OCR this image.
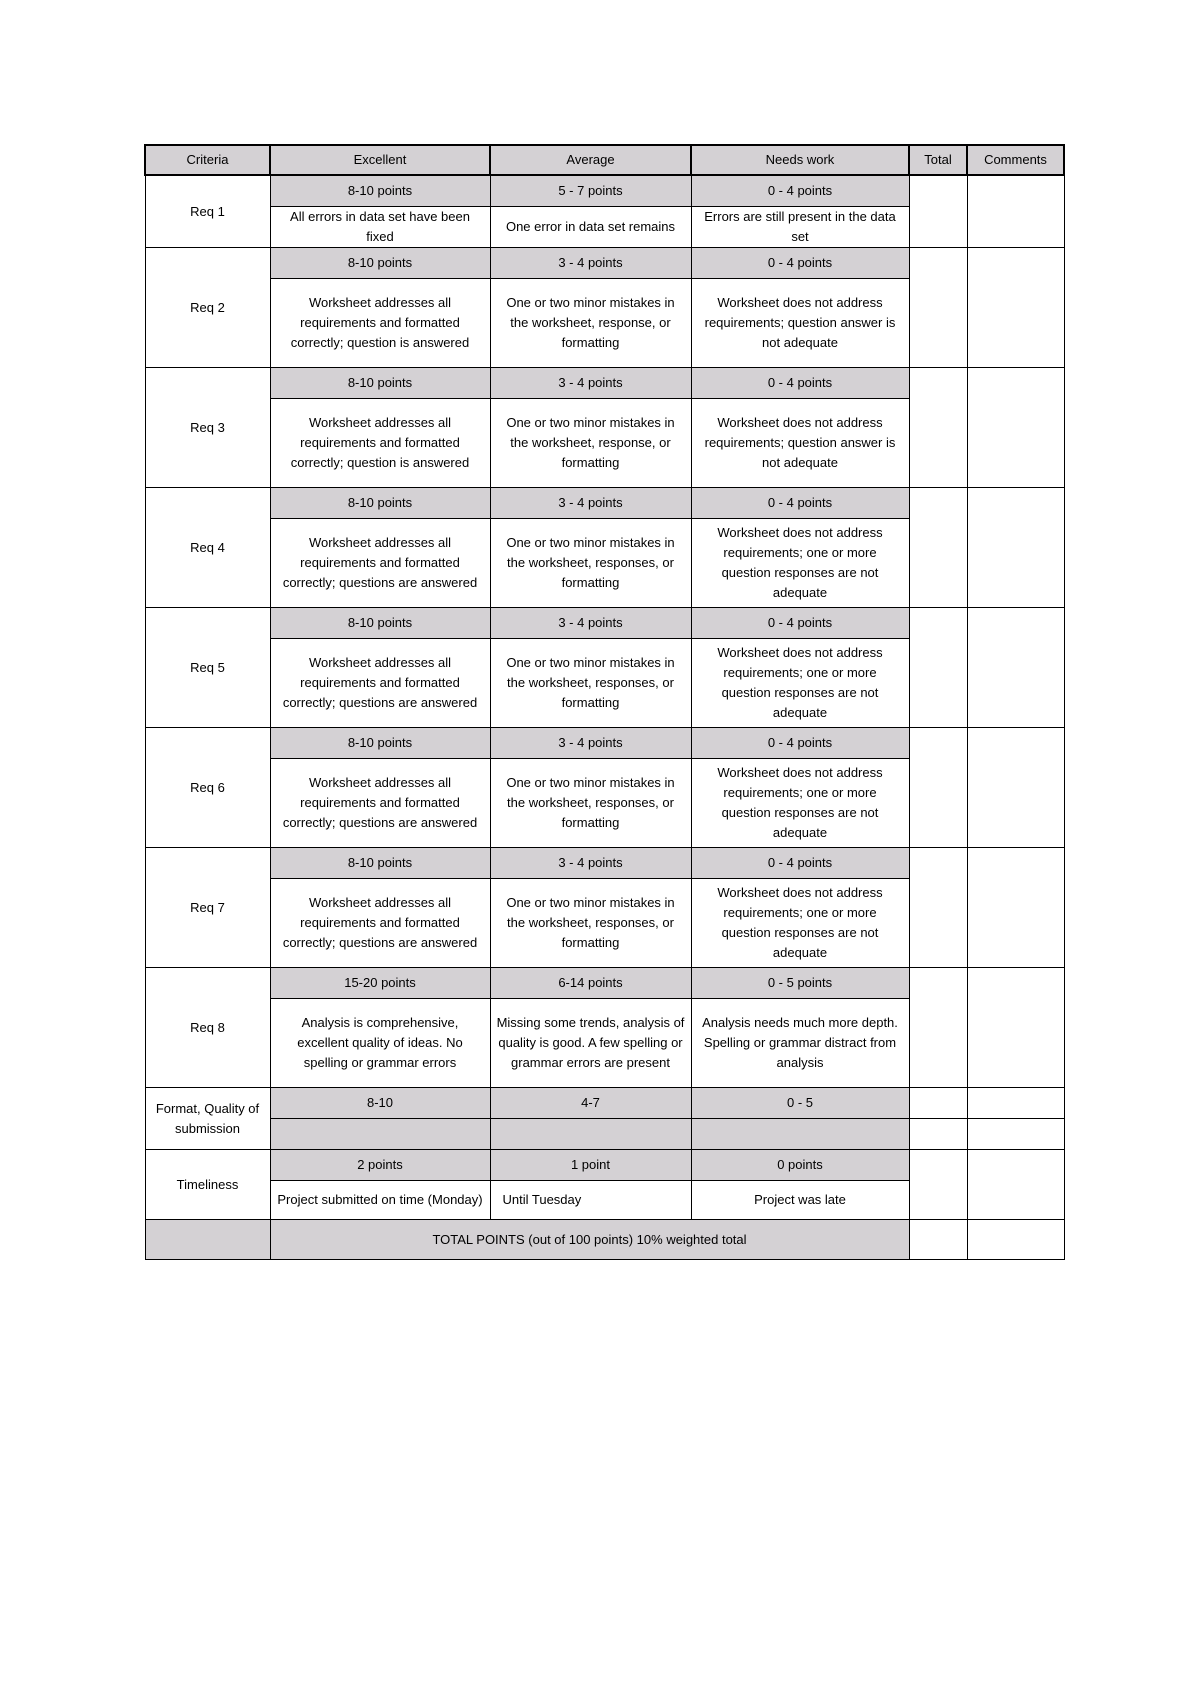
Criteria	Excellent	Average	Needs work	Total	Comments
Req 1	8-10 points	5 - 7 points	0 - 4 points		
	All errors in data set have been fixed	One error in data set remains	Errors are still present in the data set		
Req 2	8-10 points	3 - 4 points	0 - 4 points		
	Worksheet addresses all requirements and formatted correctly; question is answered	One or two minor mistakes in the worksheet, response, or formatting	Worksheet does not address requirements; question answer is not adequate		
Req 3	8-10 points	3 - 4 points	0 - 4 points		
	Worksheet addresses all requirements and formatted correctly; question is answered	One or two minor mistakes in the worksheet, response, or formatting	Worksheet does not address requirements; question answer is not adequate		
Req 4	8-10 points	3 - 4 points	0 - 4 points		
	Worksheet addresses all requirements and formatted correctly; questions are answered	One or two minor mistakes in the worksheet, responses, or formatting	Worksheet does not address requirements; one or more question responses are not adequate		
Req 5	8-10 points	3 - 4 points	0 - 4 points		
	Worksheet addresses all requirements and formatted correctly; questions are answered	One or two minor mistakes in the worksheet, responses, or formatting	Worksheet does not address requirements; one or more question responses are not adequate		
Req 6	8-10 points	3 - 4 points	0 - 4 points		
	Worksheet addresses all requirements and formatted correctly; questions are answered	One or two minor mistakes in the worksheet, responses, or formatting	Worksheet does not address requirements; one or more question responses are not adequate		
Req 7	8-10 points	3 - 4 points	0 - 4 points		
	Worksheet addresses all requirements and formatted correctly; questions are answered	One or two minor mistakes in the worksheet, responses, or formatting	Worksheet does not address requirements; one or more question responses are not adequate		
Req 8	15-20 points	6-14 points	0 - 5 points		
	Analysis is comprehensive, excellent quality of ideas. No spelling or grammar errors	Missing some trends, analysis of quality is good. A few spelling or grammar errors are present	Analysis needs much more depth. Spelling or grammar distract from analysis		
Format, Quality of submission	8-10	4-7	0 - 5		

Timeliness	2 points	1 point	0 points		
	Project submitted on time (Monday)	Until Tuesday	Project was late		
	TOTAL POINTS (out of 100 points) 10% weighted total				
